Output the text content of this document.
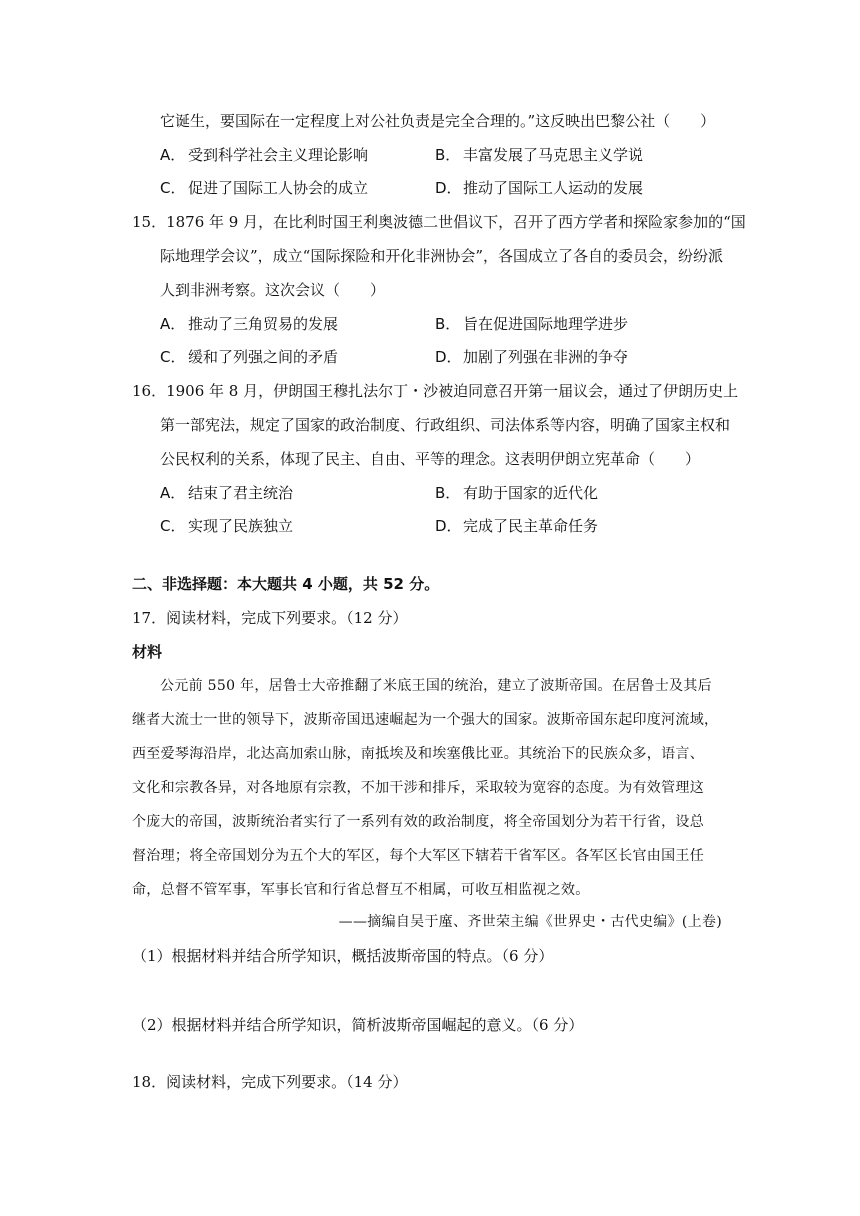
它诞生，要国际在一定程度上对公社负责是完全合理的。”这反映出巴黎公社（　　）
A． 受到科学社会主义理论影响	B． 丰富发展了马克思主义学说
C． 促进了国际工人协会的成立	D．推动了国际工人运动的发展
15．1876 年 9 月，在比利时国王利奥波德二世倡议下，召开了西方学者和探险家参加的“国
际地理学会议”，成立“国际探险和开化非洲协会”，各国成立了各自的委员会，纷纷派
人到非洲考察。这次会议（　　）
A． 推动了三角贸易的发展	B． 旨在促进国际地理学进步
C． 缓和了列强之间的矛盾	D．加剧了列强在非洲的争夺
16．1906 年 8 月，伊朗国王穆扎法尔丁・沙被迫同意召开第一届议会，通过了伊朗历史上
第一部宪法，规定了国家的政治制度、行政组织、司法体系等内容，明确了国家主权和
公民权利的关系，体现了民主、自由、平等的理念。这表明伊朗立宪革命（　　）
A． 结束了君主统治	B． 有助于国家的近代化
C． 实现了民族独立	D．完成了民主革命任务
二、非选择题：本大题共 4 小题，共 52 分。
17．阅读材料，完成下列要求。（12 分）
材料
公元前 550 年，居鲁士大帝推翻了米底王国的统治，建立了波斯帝国。在居鲁士及其后
继者大流士一世的领导下，波斯帝国迅速崛起为一个强大的国家。波斯帝国东起印度河流域，
西至爱琴海沿岸，北达高加索山脉，南抵埃及和埃塞俄比亚。其统治下的民族众多，语言、
文化和宗教各异，对各地原有宗教，不加干涉和排斥，采取较为宽容的态度。为有效管理这
个庞大的帝国，波斯统治者实行了一系列有效的政治制度，将全帝国划分为若干行省，设总
督治理；将全帝国划分为五个大的军区，每个大军区下辖若干省军区。各军区长官由国王任
命，总督不管军事，军事长官和行省总督互不相属，可收互相监视之效。
——摘编自吴于廑、齐世荣主编《世界史・古代史编》(上卷)
（1）根据材料并结合所学知识，概括波斯帝国的特点。（6 分）
（2）根据材料并结合所学知识，简析波斯帝国崛起的意义。（6 分）
18．阅读材料，完成下列要求。（14 分）
